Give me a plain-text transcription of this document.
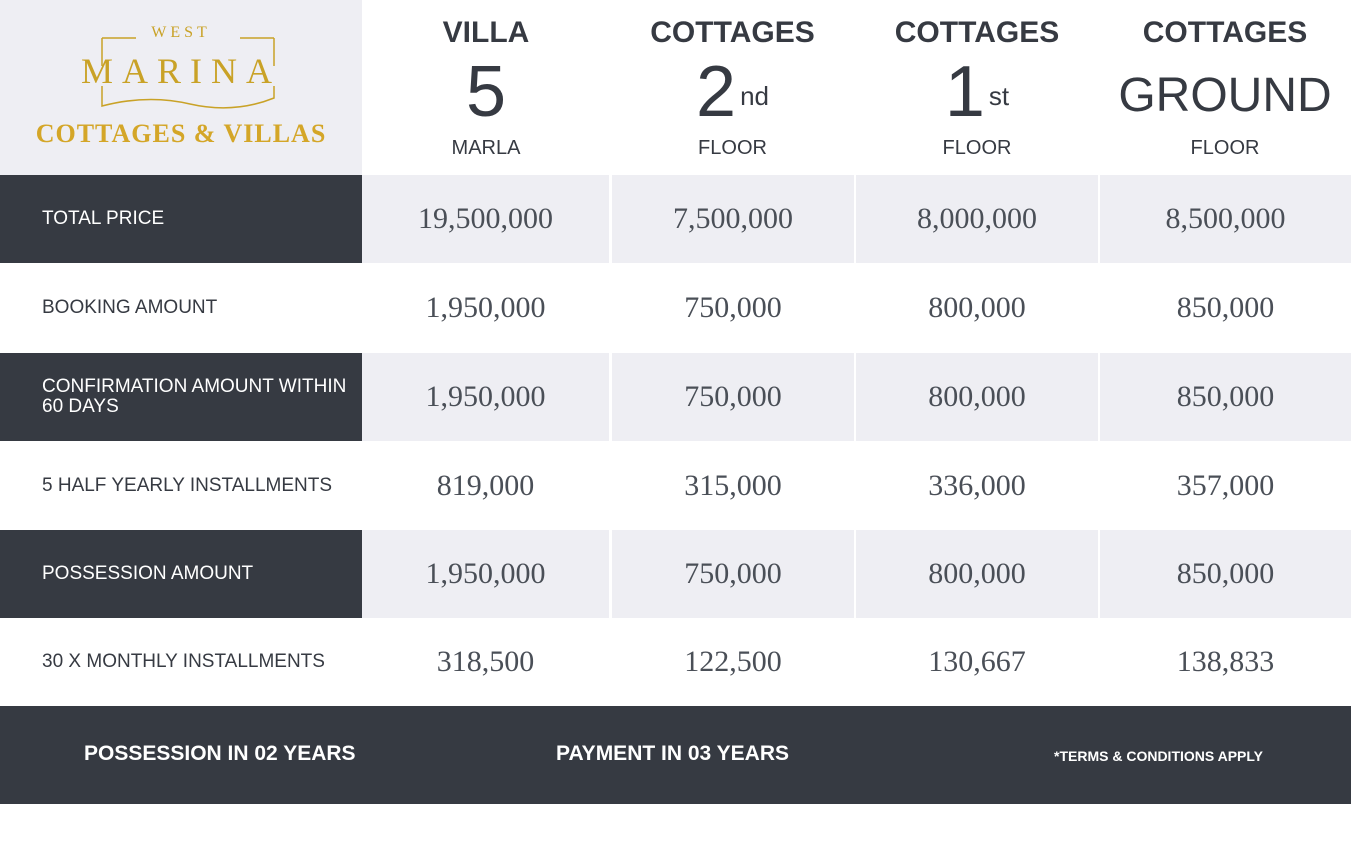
WEST
MARINA
COTTAGES & VILLAS
VILLA
5
MARLA
COTTAGES
2 $^{nd}$
FLOOR
COTTAGES
1 $^{st}$
FLOOR
COTTAGES
GROUND
FLOOR
TOTAL PRICE	19,500,000	7,500,000	8,000,000	8,500,000
BOOKING AMOUNT	1,950,000	750,000	800,000	850,000
CONFIRMATION AMOUNT WITHIN 60 DAYS	1,950,000	750,000	800,000	850,000
5 HALF YEARLY INSTALLMENTS	819,000	315,000	336,000	357,000
POSSESSION AMOUNT	1,950,000	750,000	800,000	850,000
30 X MONTHLY INSTALLMENTS	318,500	122,500	130,667	138,833
POSSESSION IN 02 YEARS	PAYMENT IN 03 YEARS	*TERMS & CONDITIONS APPLY
